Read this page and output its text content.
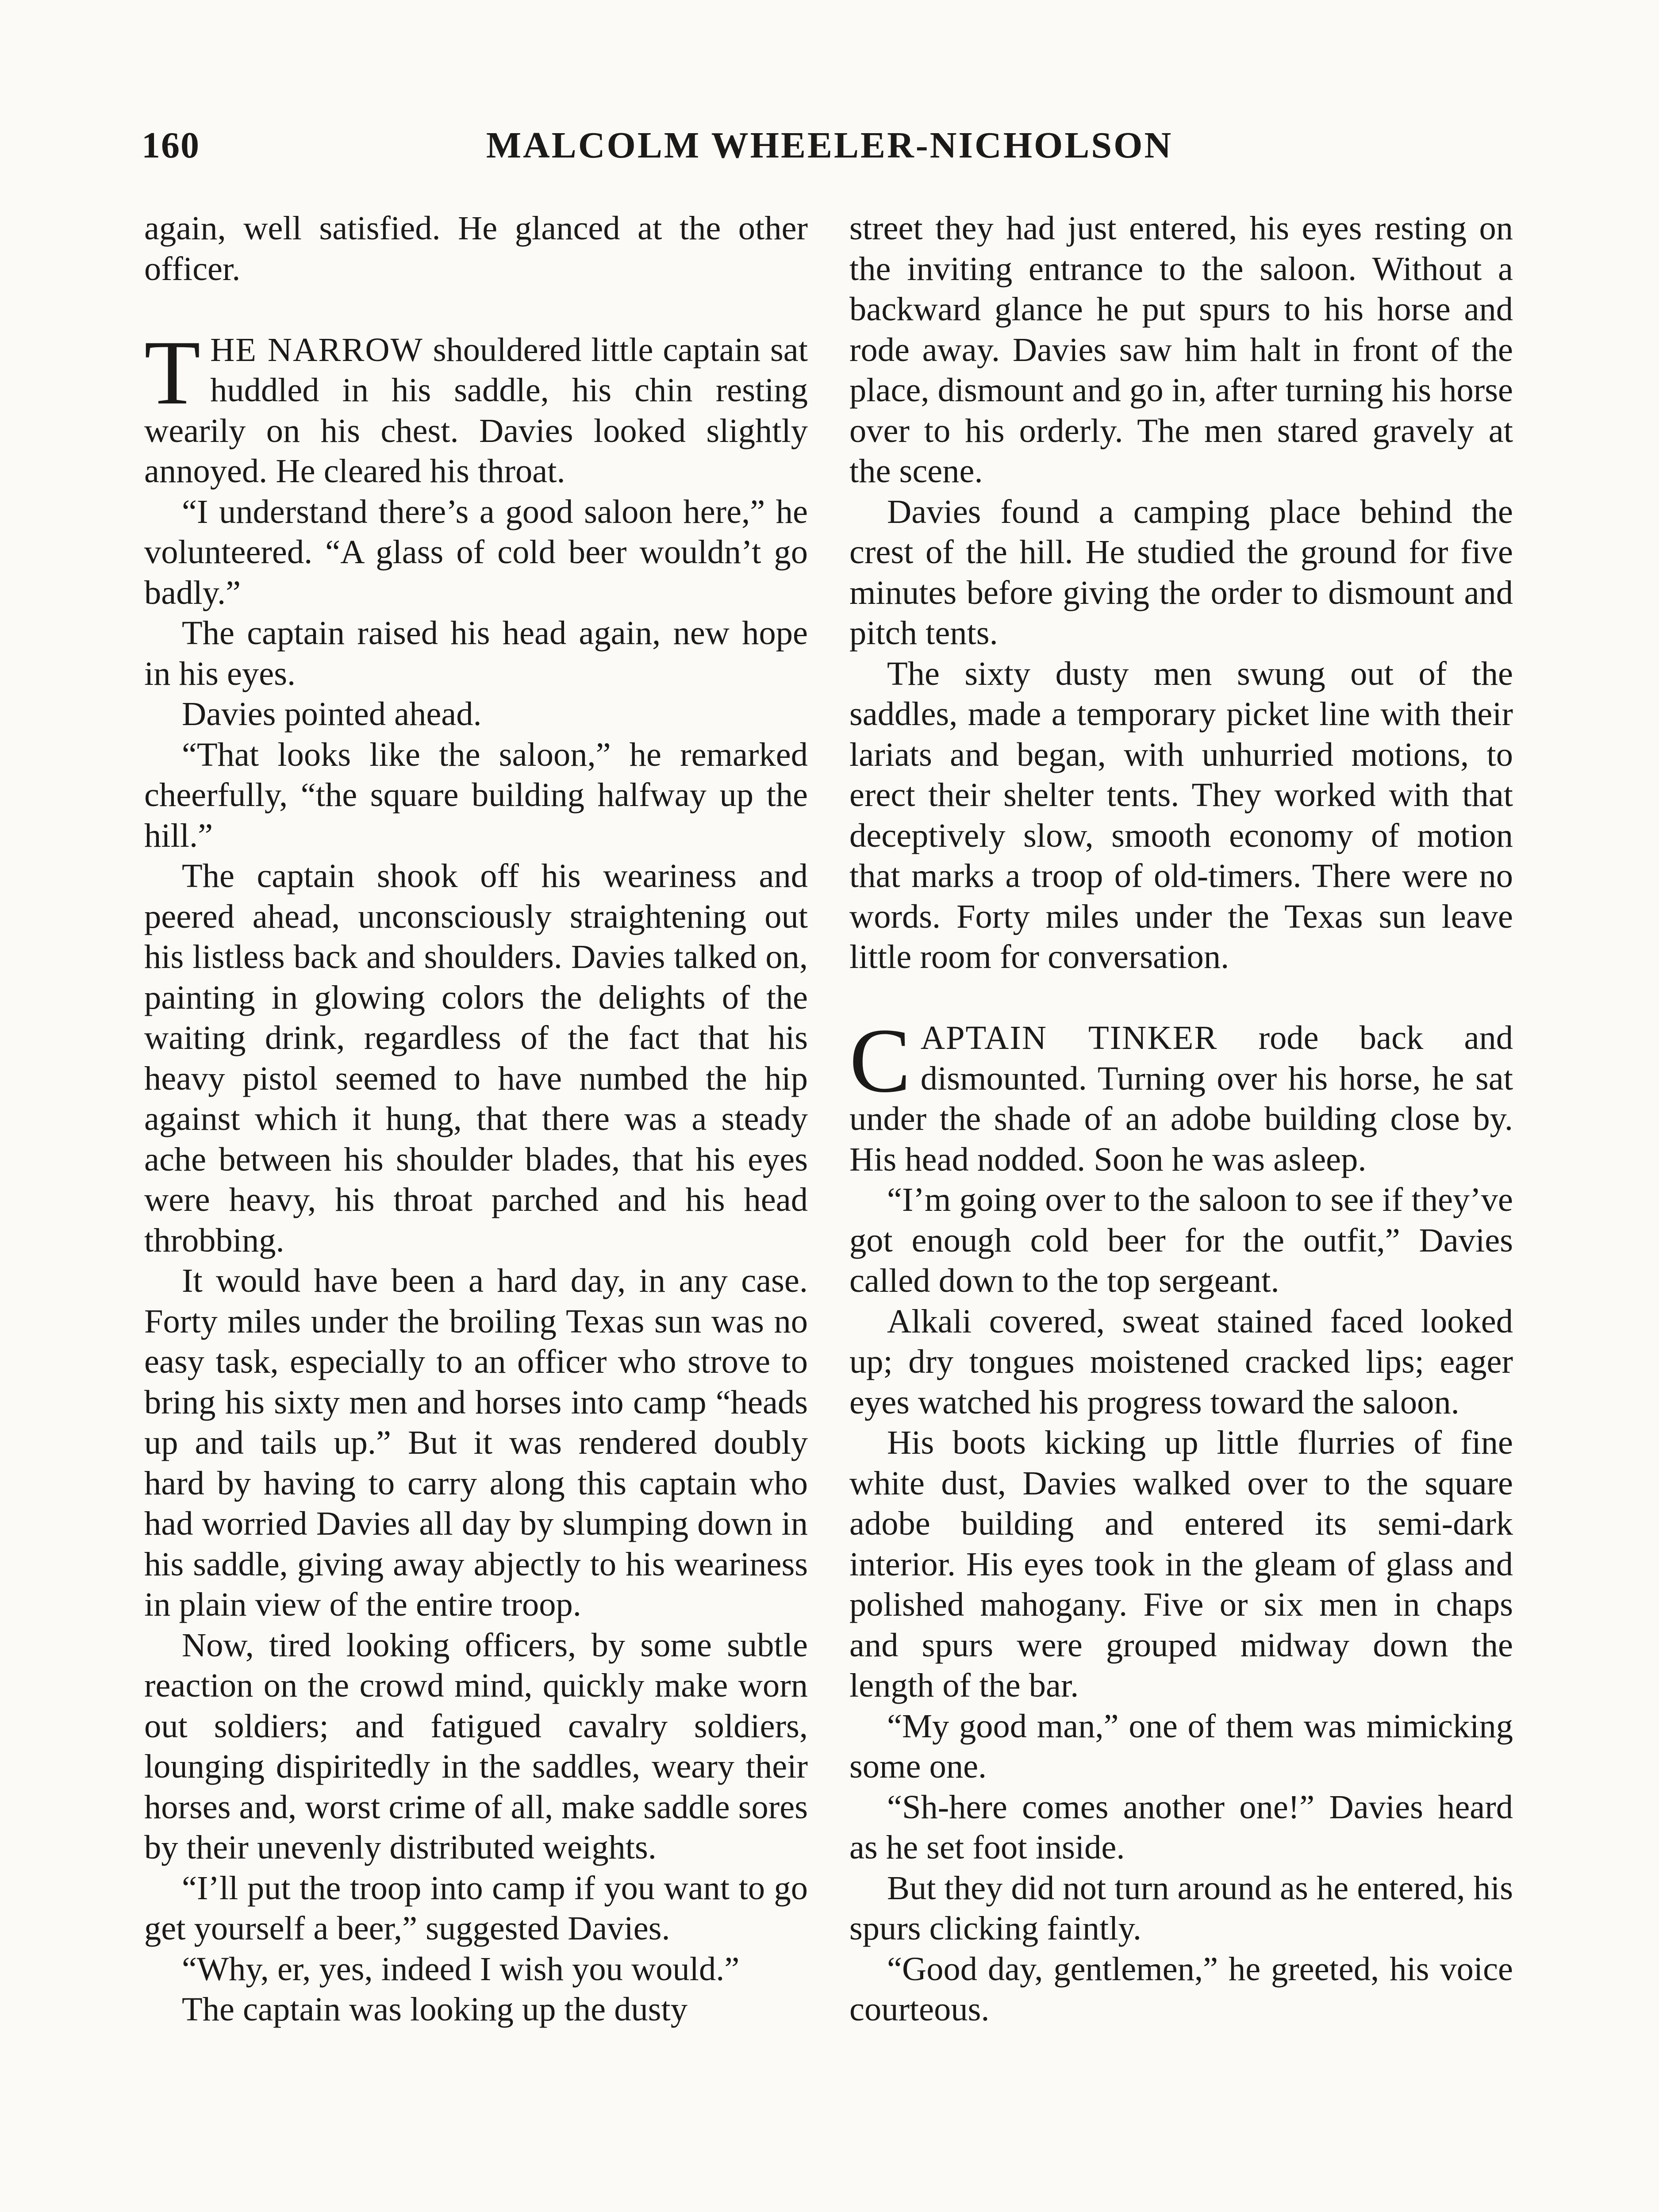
160	MALCOLM WHEELER-NICHOLSON

again, well satisfied. He glanced at the other officer.

THE NARROW shouldered little captain sat huddled in his saddle, his chin resting wearily on his chest. Davies looked slightly annoyed. He cleared his throat.

“I understand there’s a good saloon here,” he volunteered. “A glass of cold beer wouldn’t go badly.”

The captain raised his head again, new hope in his eyes.

Davies pointed ahead.

“That looks like the saloon,” he remarked cheerfully, “the square building halfway up the hill.”

The captain shook off his weariness and peered ahead, unconsciously straightening out his listless back and shoulders. Davies talked on, painting in glowing colors the delights of the waiting drink, regardless of the fact that his heavy pistol seemed to have numbed the hip against which it hung, that there was a steady ache between his shoulder blades, that his eyes were heavy, his throat parched and his head throbbing.

It would have been a hard day, in any case. Forty miles under the broiling Texas sun was no easy task, especially to an officer who strove to bring his sixty men and horses into camp “heads up and tails up.” But it was rendered doubly hard by having to carry along this captain who had worried Davies all day by slumping down in his saddle, giving away abjectly to his weariness in plain view of the entire troop.

Now, tired looking officers, by some subtle reaction on the crowd mind, quickly make worn out soldiers; and fatigued cavalry soldiers, lounging dispiritedly in the saddles, weary their horses and, worst crime of all, make saddle sores by their unevenly distributed weights.

“I’ll put the troop into camp if you want to go get yourself a beer,” suggested Davies.

“Why, er, yes, indeed I wish you would.”

The captain was looking up the dusty

street they had just entered, his eyes resting on the inviting entrance to the saloon. Without a backward glance he put spurs to his horse and rode away. Davies saw him halt in front of the place, dismount and go in, after turning his horse over to his orderly. The men stared gravely at the scene.

Davies found a camping place behind the crest of the hill. He studied the ground for five minutes before giving the order to dismount and pitch tents.

The sixty dusty men swung out of the saddles, made a temporary picket line with their lariats and began, with unhurried motions, to erect their shelter tents. They worked with that deceptively slow, smooth economy of motion that marks a troop of old-timers. There were no words. Forty miles under the Texas sun leave little room for conversation.

CAPTAIN TINKER rode back and dismounted. Turning over his horse, he sat under the shade of an adobe building close by. His head nodded. Soon he was asleep.

“I’m going over to the saloon to see if they’ve got enough cold beer for the outfit,” Davies called down to the top sergeant.

Alkali covered, sweat stained faced looked up; dry tongues moistened cracked lips; eager eyes watched his progress toward the saloon.

His boots kicking up little flurries of fine white dust, Davies walked over to the square adobe building and entered its semi-dark interior. His eyes took in the gleam of glass and polished mahogany. Five or six men in chaps and spurs were grouped midway down the length of the bar.

“My good man,” one of them was mimicking some one.

“Sh-here comes another one!” Davies heard as he set foot inside.

But they did not turn around as he entered, his spurs clicking faintly.

“Good day, gentlemen,” he greeted, his voice courteous.
